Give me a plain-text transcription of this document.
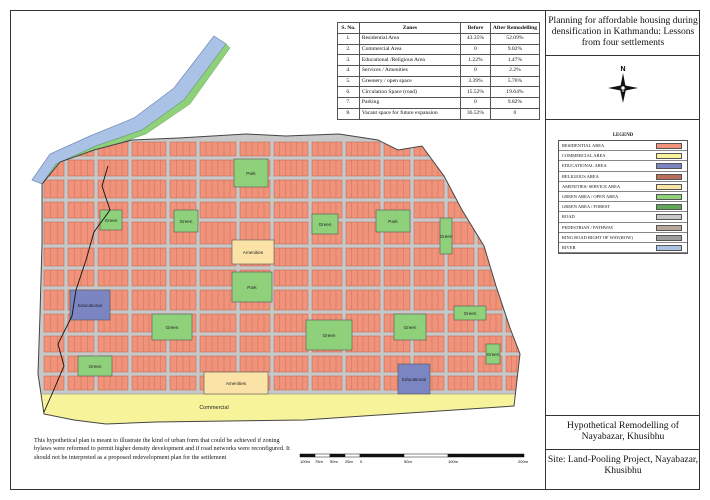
Park
Green	Green
Green
Park
Green
Amenities
Park
Educational
Green
Green
Green
Green
Green
Green
Amenities
Educational
Commercial
S. No.	Zones	Before	After Remodelling
1.	Residential Area	43.35%	52.09%
2.	Commercial Area	0	9.02%
3.	Educational /Religious Area	1.22%	1.47%
4.	Services / Amenities	0	2.2%
5.	Greenery / open space	3.39%	5.76%
6.	Circulation Space (road)	15.52%	19.64%
7.	Parking	0	9.82%
8.	Vacant space for future expansion	36.52%	0
Planning for affordable housing during densification in Kathmandu: Lessons from four settlements
N
LEGEND
RESIDENTIAL AREA
COMMERCIAL AREA
EDUCATIONAL AREA
RELIGIOUS AREA
AMENITIES/ SERVICE AREA
GREEN AREA / OPEN AREA
GREEN AREA / FOREST
ROAD
PEDESTRIAN / PATHWAY
RING ROAD RIGHT OF WAY(ROW)
RIVER
Hypothetical Remodelling of Nayabazar, Khusibhu
Site: Land-Pooling Project, Nayabazar, Khusibhu
This hypothetical plan is meant to illustrate the kind of urban form that could be achieved if zoning bylaws were reformed to permit higher density development and if road networks were reconfigured. It should not be interpreted as a proposed redevelopment plan for the settlement
100m 75m 50m 25m 0	50m	100m	200m
